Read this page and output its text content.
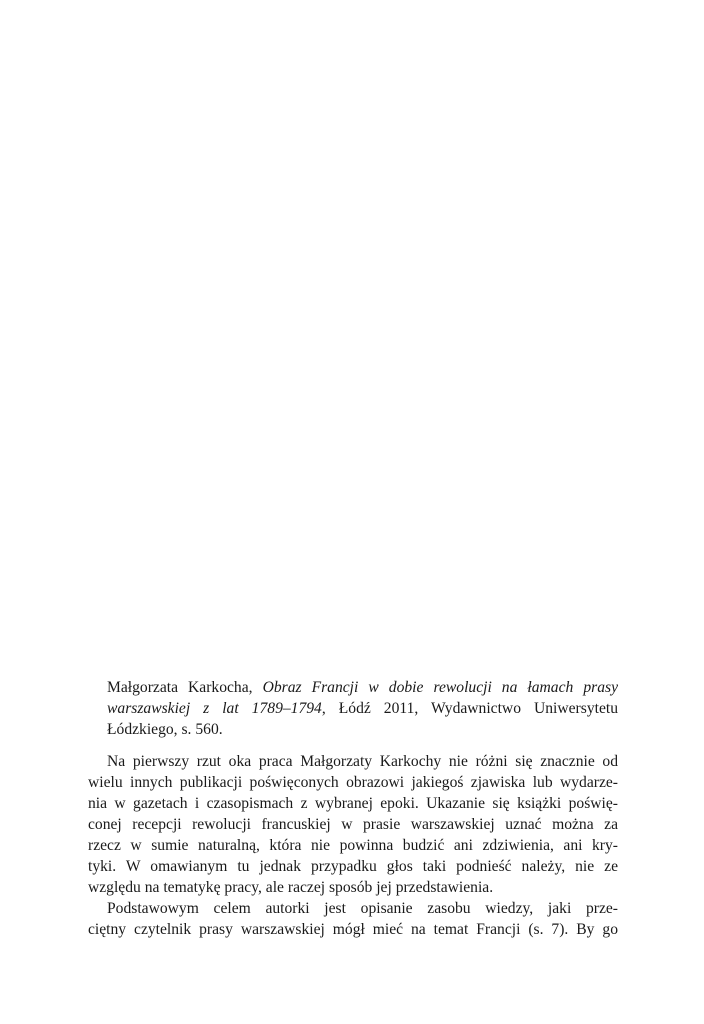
Małgorzata Karkocha, Obraz Francji w dobie rewolucji na łamach prasy
warszawskiej z lat 1789–1794, Łódź 2011, Wydawnictwo Uniwersytetu
Łódzkiego, s. 560.

Na pierwszy rzut oka praca Małgorzaty Karkochy nie różni się znacznie od
wielu innych publikacji poświęconych obrazowi jakiegoś zjawiska lub wydarze-
nia w gazetach i czasopismach z wybranej epoki. Ukazanie się książki poświę-
conej recepcji rewolucji francuskiej w prasie warszawskiej uznać można za
rzecz w sumie naturalną, która nie powinna budzić ani zdziwienia, ani kry-
tyki. W omawianym tu jednak przypadku głos taki podnieść należy, nie ze
względu na tematykę pracy, ale raczej sposób jej przedstawienia.

Podstawowym celem autorki jest opisanie zasobu wiedzy, jaki prze-
ciętny czytelnik prasy warszawskiej mógł mieć na temat Francji (s. 7). By go
